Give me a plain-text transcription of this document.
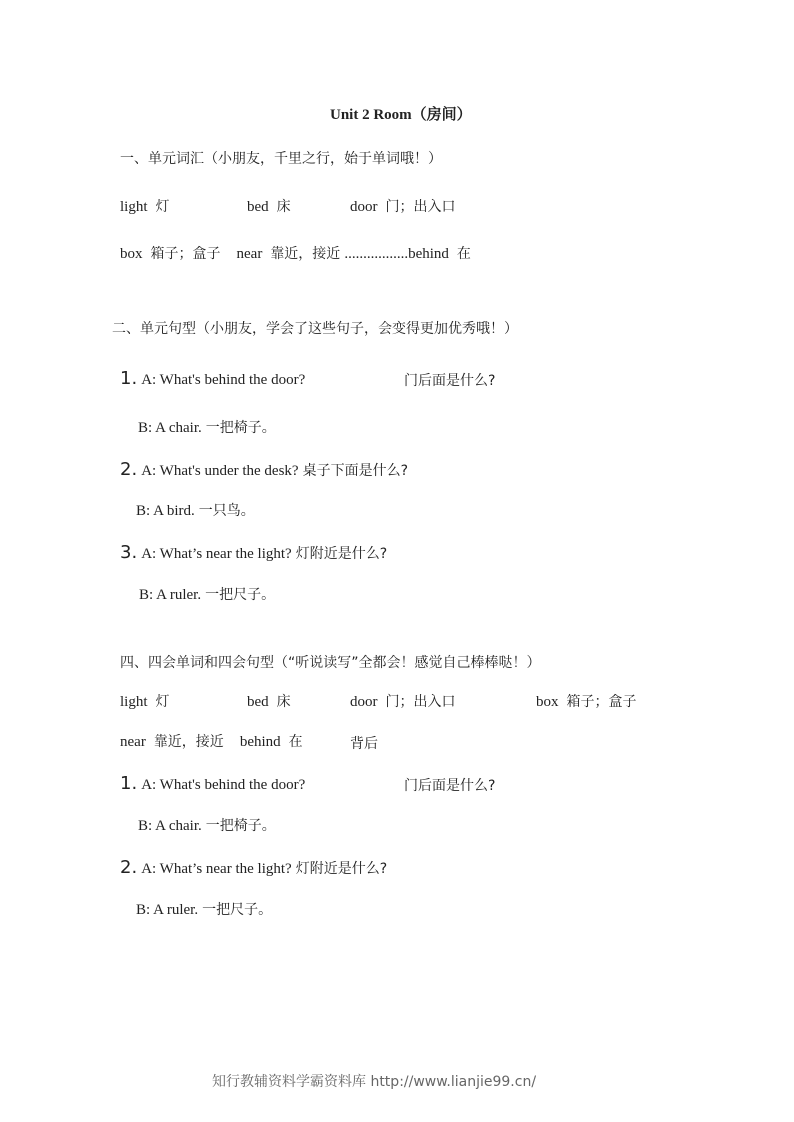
Unit 2 Room（房间）
一、单元词汇（小朋友，千里之行，始于单词哦！）
light 灯	bed 床	door 门；出入口
box 箱子；盒子 near 靠近，接近 .................behind 在
二、单元句型（小朋友，学会了这些句子，会变得更加优秀哦！）
1. A: What's behind the door?	门后面是什么?
B: A chair. 一把椅子。
2. A: What's under the desk? 桌子下面是什么?
B: A bird. 一只鸟。
3. A: What’s near the light? 灯附近是什么?
B: A ruler. 一把尺子。
四、四会单词和四会句型（“听说读写”全都会！感觉自己棒棒哒！）
light 灯	bed 床	door 门；出入口	box 箱子；盒子
near 靠近，接近 behind 在	背后
1. A: What's behind the door?	门后面是什么?
B: A chair. 一把椅子。
2. A: What’s near the light? 灯附近是什么?
B: A ruler. 一把尺子。
知行教辅资料学霸资料库 http://www.lianjie99.cn/
